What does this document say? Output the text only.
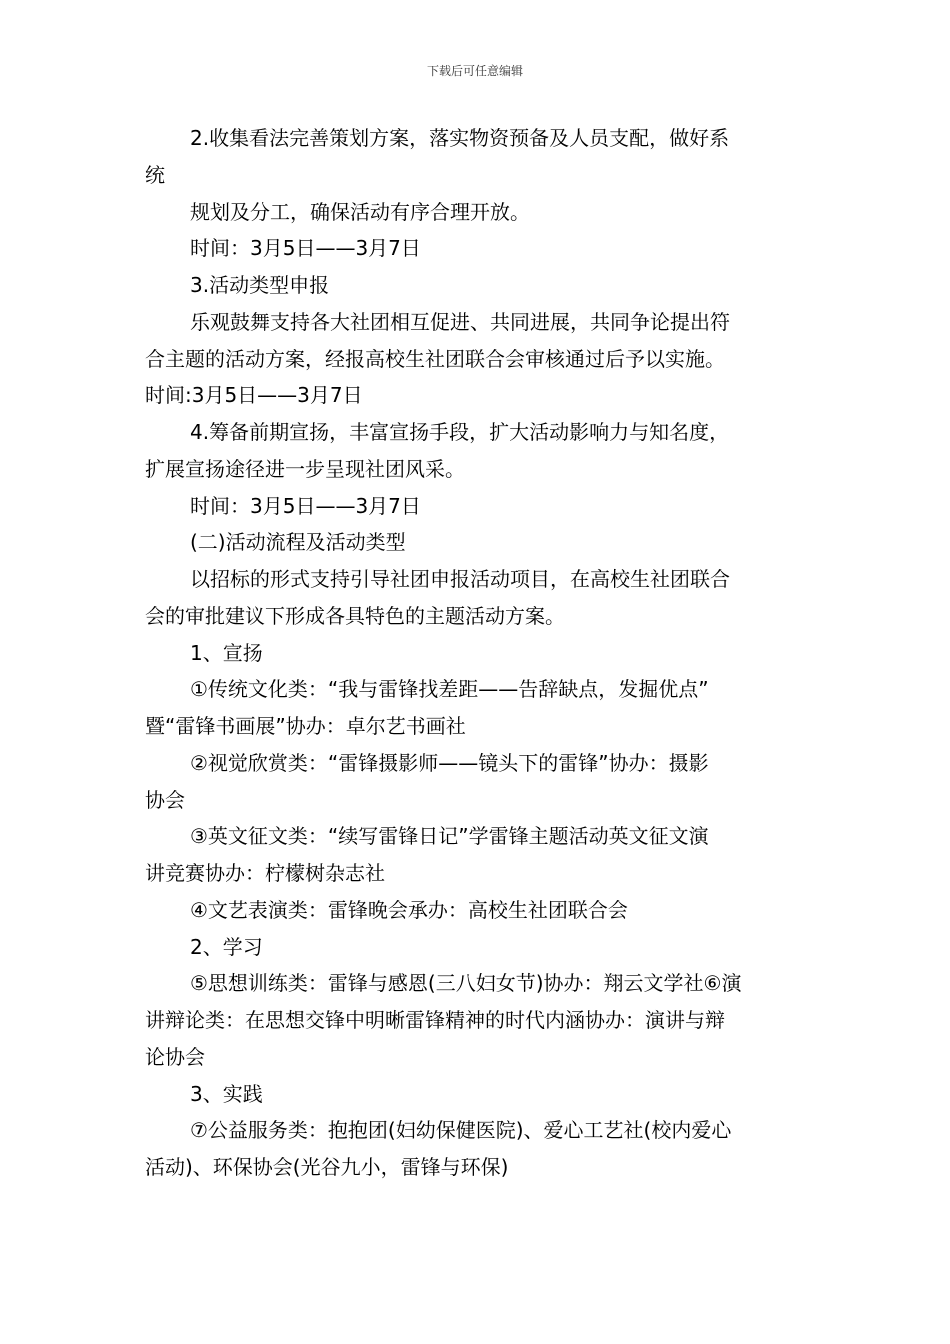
下载后可任意编辑
2.收集看法完善策划方案，落实物资预备及人员支配，做好系
统
规划及分工，确保活动有序合理开放。
时间：3月5日——3月7日
3.活动类型申报
乐观鼓舞支持各大社团相互促进、共同进展，共同争论提出符
合主题的活动方案，经报高校生社团联合会审核通过后予以实施。
时间:3月5日——3月7日
4.筹备前期宣扬，丰富宣扬手段，扩大活动影响力与知名度，
扩展宣扬途径进一步呈现社团风采。
时间：3月5日——3月7日
(二)活动流程及活动类型
以招标的形式支持引导社团申报活动项目，在高校生社团联合
会的审批建议下形成各具特色的主题活动方案。
1、宣扬
①传统文化类：“我与雷锋找差距——告辞缺点，发掘优点”
暨“雷锋书画展”协办：卓尔艺书画社
②视觉欣赏类：“雷锋摄影师——镜头下的雷锋”协办：摄影
协会
③英文征文类：“续写雷锋日记”学雷锋主题活动英文征文演
讲竞赛协办：柠檬树杂志社
④文艺表演类：雷锋晚会承办：高校生社团联合会
2、学习
⑤思想训练类：雷锋与感恩(三八妇女节)协办：翔云文学社⑥演
讲辩论类：在思想交锋中明晰雷锋精神的时代内涵协办：演讲与辩
论协会
3、实践
⑦公益服务类：抱抱团(妇幼保健医院)、爱心工艺社(校内爱心
活动)、环保协会(光谷九小，雷锋与环保)
